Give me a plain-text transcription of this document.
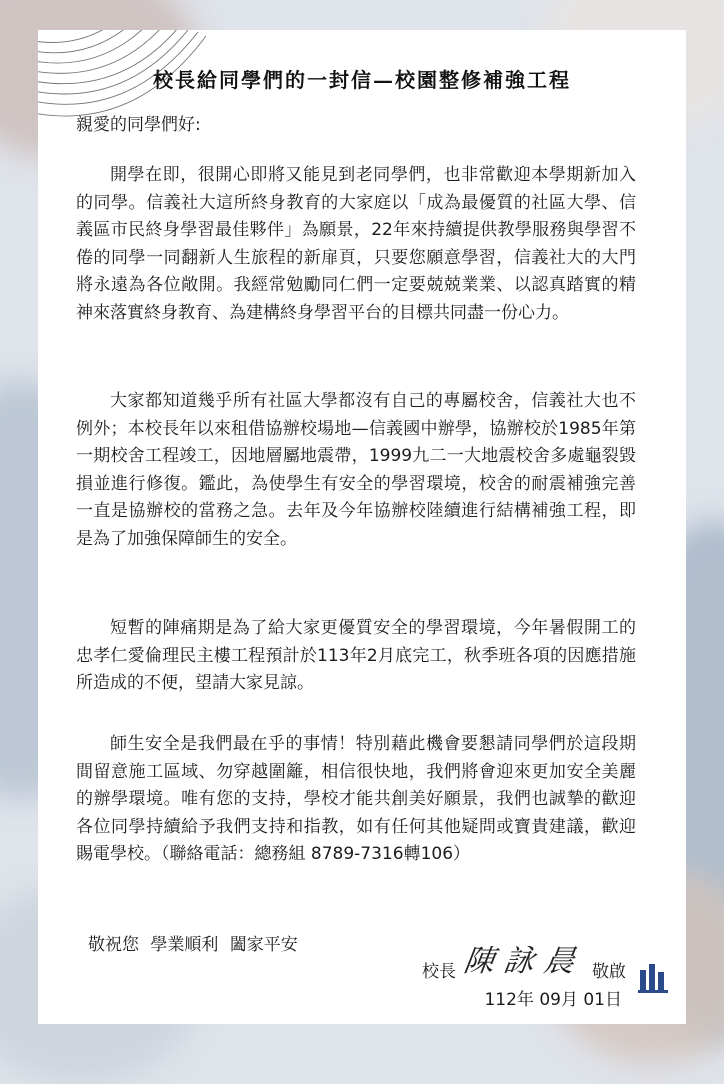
校長給同學們的一封信—校園整修補強工程
親愛的同學們好:

開學在即，很開心即將又能見到老同學們，也非常歡迎本學期新加入的同學。信義社大這所終身教育的大家庭以「成為最優質的社區大學、信義區市民終身學習最佳夥伴」為願景，22年來持續提供教學服務與學習不倦的同學一同翻新人生旅程的新扉頁，只要您願意學習，信義社大的大門將永遠為各位敞開。我經常勉勵同仁們一定要兢兢業業、以認真踏實的精神來落實終身教育、為建構終身學習平台的目標共同盡一份心力。

大家都知道幾乎所有社區大學都沒有自己的專屬校舍，信義社大也不例外；本校長年以來租借協辦校場地—信義國中辦學，協辦校於1985年第一期校舍工程竣工，因地層屬地震帶，1999九二一大地震校舍多處龜裂毀損並進行修復。鑑此，為使學生有安全的學習環境，校舍的耐震補強完善一直是協辦校的當務之急。去年及今年協辦校陸續進行結構補強工程，即是為了加強保障師生的安全。

短暫的陣痛期是為了給大家更優質安全的學習環境，今年暑假開工的忠孝仁愛倫理民主樓工程預計於113年2月底完工，秋季班各項的因應措施所造成的不便，望請大家見諒。

師生安全是我們最在乎的事情！特別藉此機會要懇請同學們於這段期間留意施工區域、勿穿越圍籬，相信很快地，我們將會迎來更加安全美麗的辦學環境。唯有您的支持，學校才能共創美好願景，我們也誠摯的歡迎各位同學持續給予我們支持和指教，如有任何其他疑問或寶貴建議，歡迎賜電學校。（聯絡電話：總務組 8789-7316轉106）

敬祝您 學業順利 闔家平安
校長 陳詠晨 敬啟
112年 09月 01日
